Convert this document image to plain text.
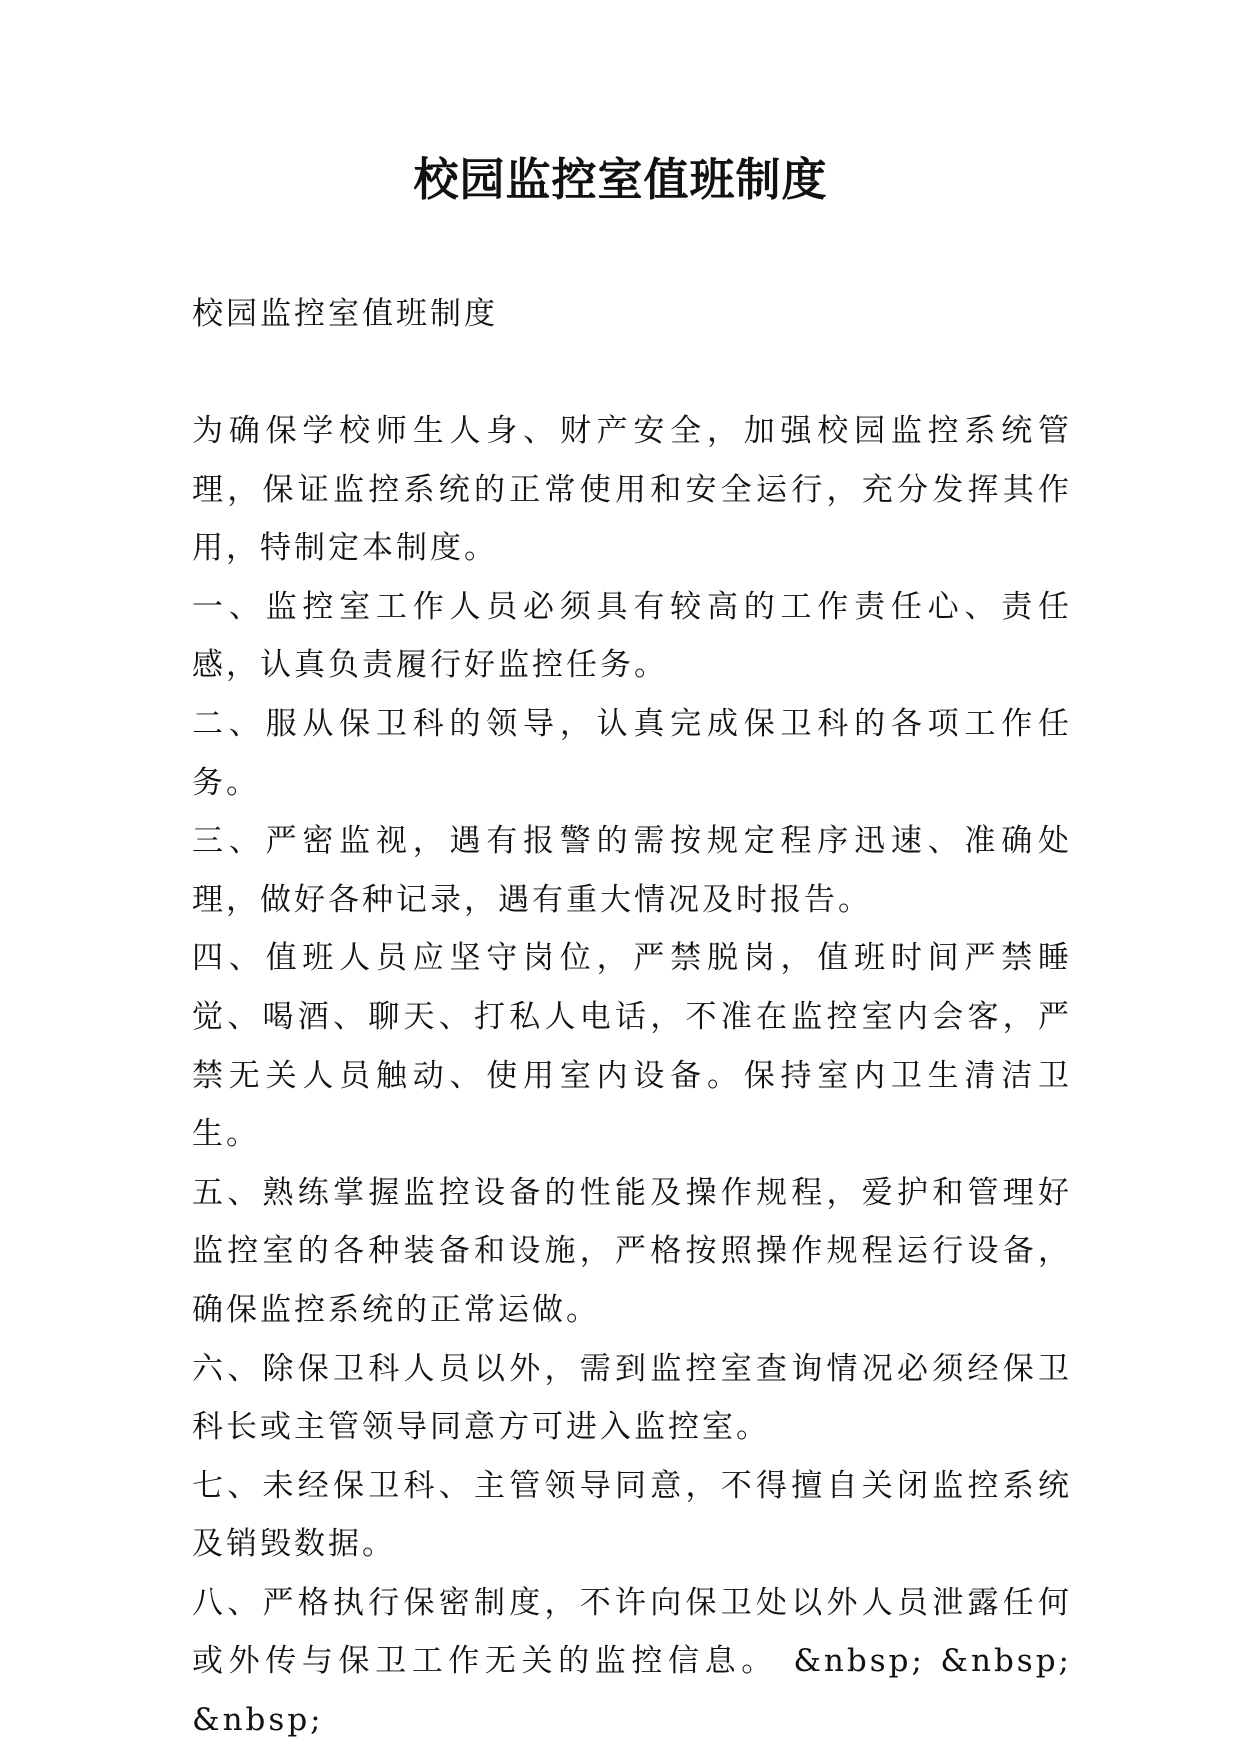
校园监控室值班制度

校园监控室值班制度

为确保学校师生人身、财产安全，加强校园监控系统管理，保证监控系统的正常使用和安全运行，充分发挥其作用，特制定本制度。

一、监控室工作人员必须具有较高的工作责任心、责任感，认真负责履行好监控任务。

二、服从保卫科的领导，认真完成保卫科的各项工作任务。

三、严密监视，遇有报警的需按规定程序迅速、准确处理，做好各种记录，遇有重大情况及时报告。

四、值班人员应坚守岗位，严禁脱岗，值班时间严禁睡觉、喝酒、聊天、打私人电话，不准在监控室内会客，严禁无关人员触动、使用室内设备。保持室内卫生清洁卫生。

五、熟练掌握监控设备的性能及操作规程，爱护和管理好监控室的各种装备和设施，严格按照操作规程运行设备，确保监控系统的正常运做。

六、除保卫科人员以外，需到监控室查询情况必须经保卫科长或主管领导同意方可进入监控室。

七、未经保卫科、主管领导同意，不得擅自关闭监控系统及销毁数据。

八、严格执行保密制度，不许向保卫处以外人员泄露任何或外传与保卫工作无关的监控信息。 &nbsp; &nbsp; &nbsp;
